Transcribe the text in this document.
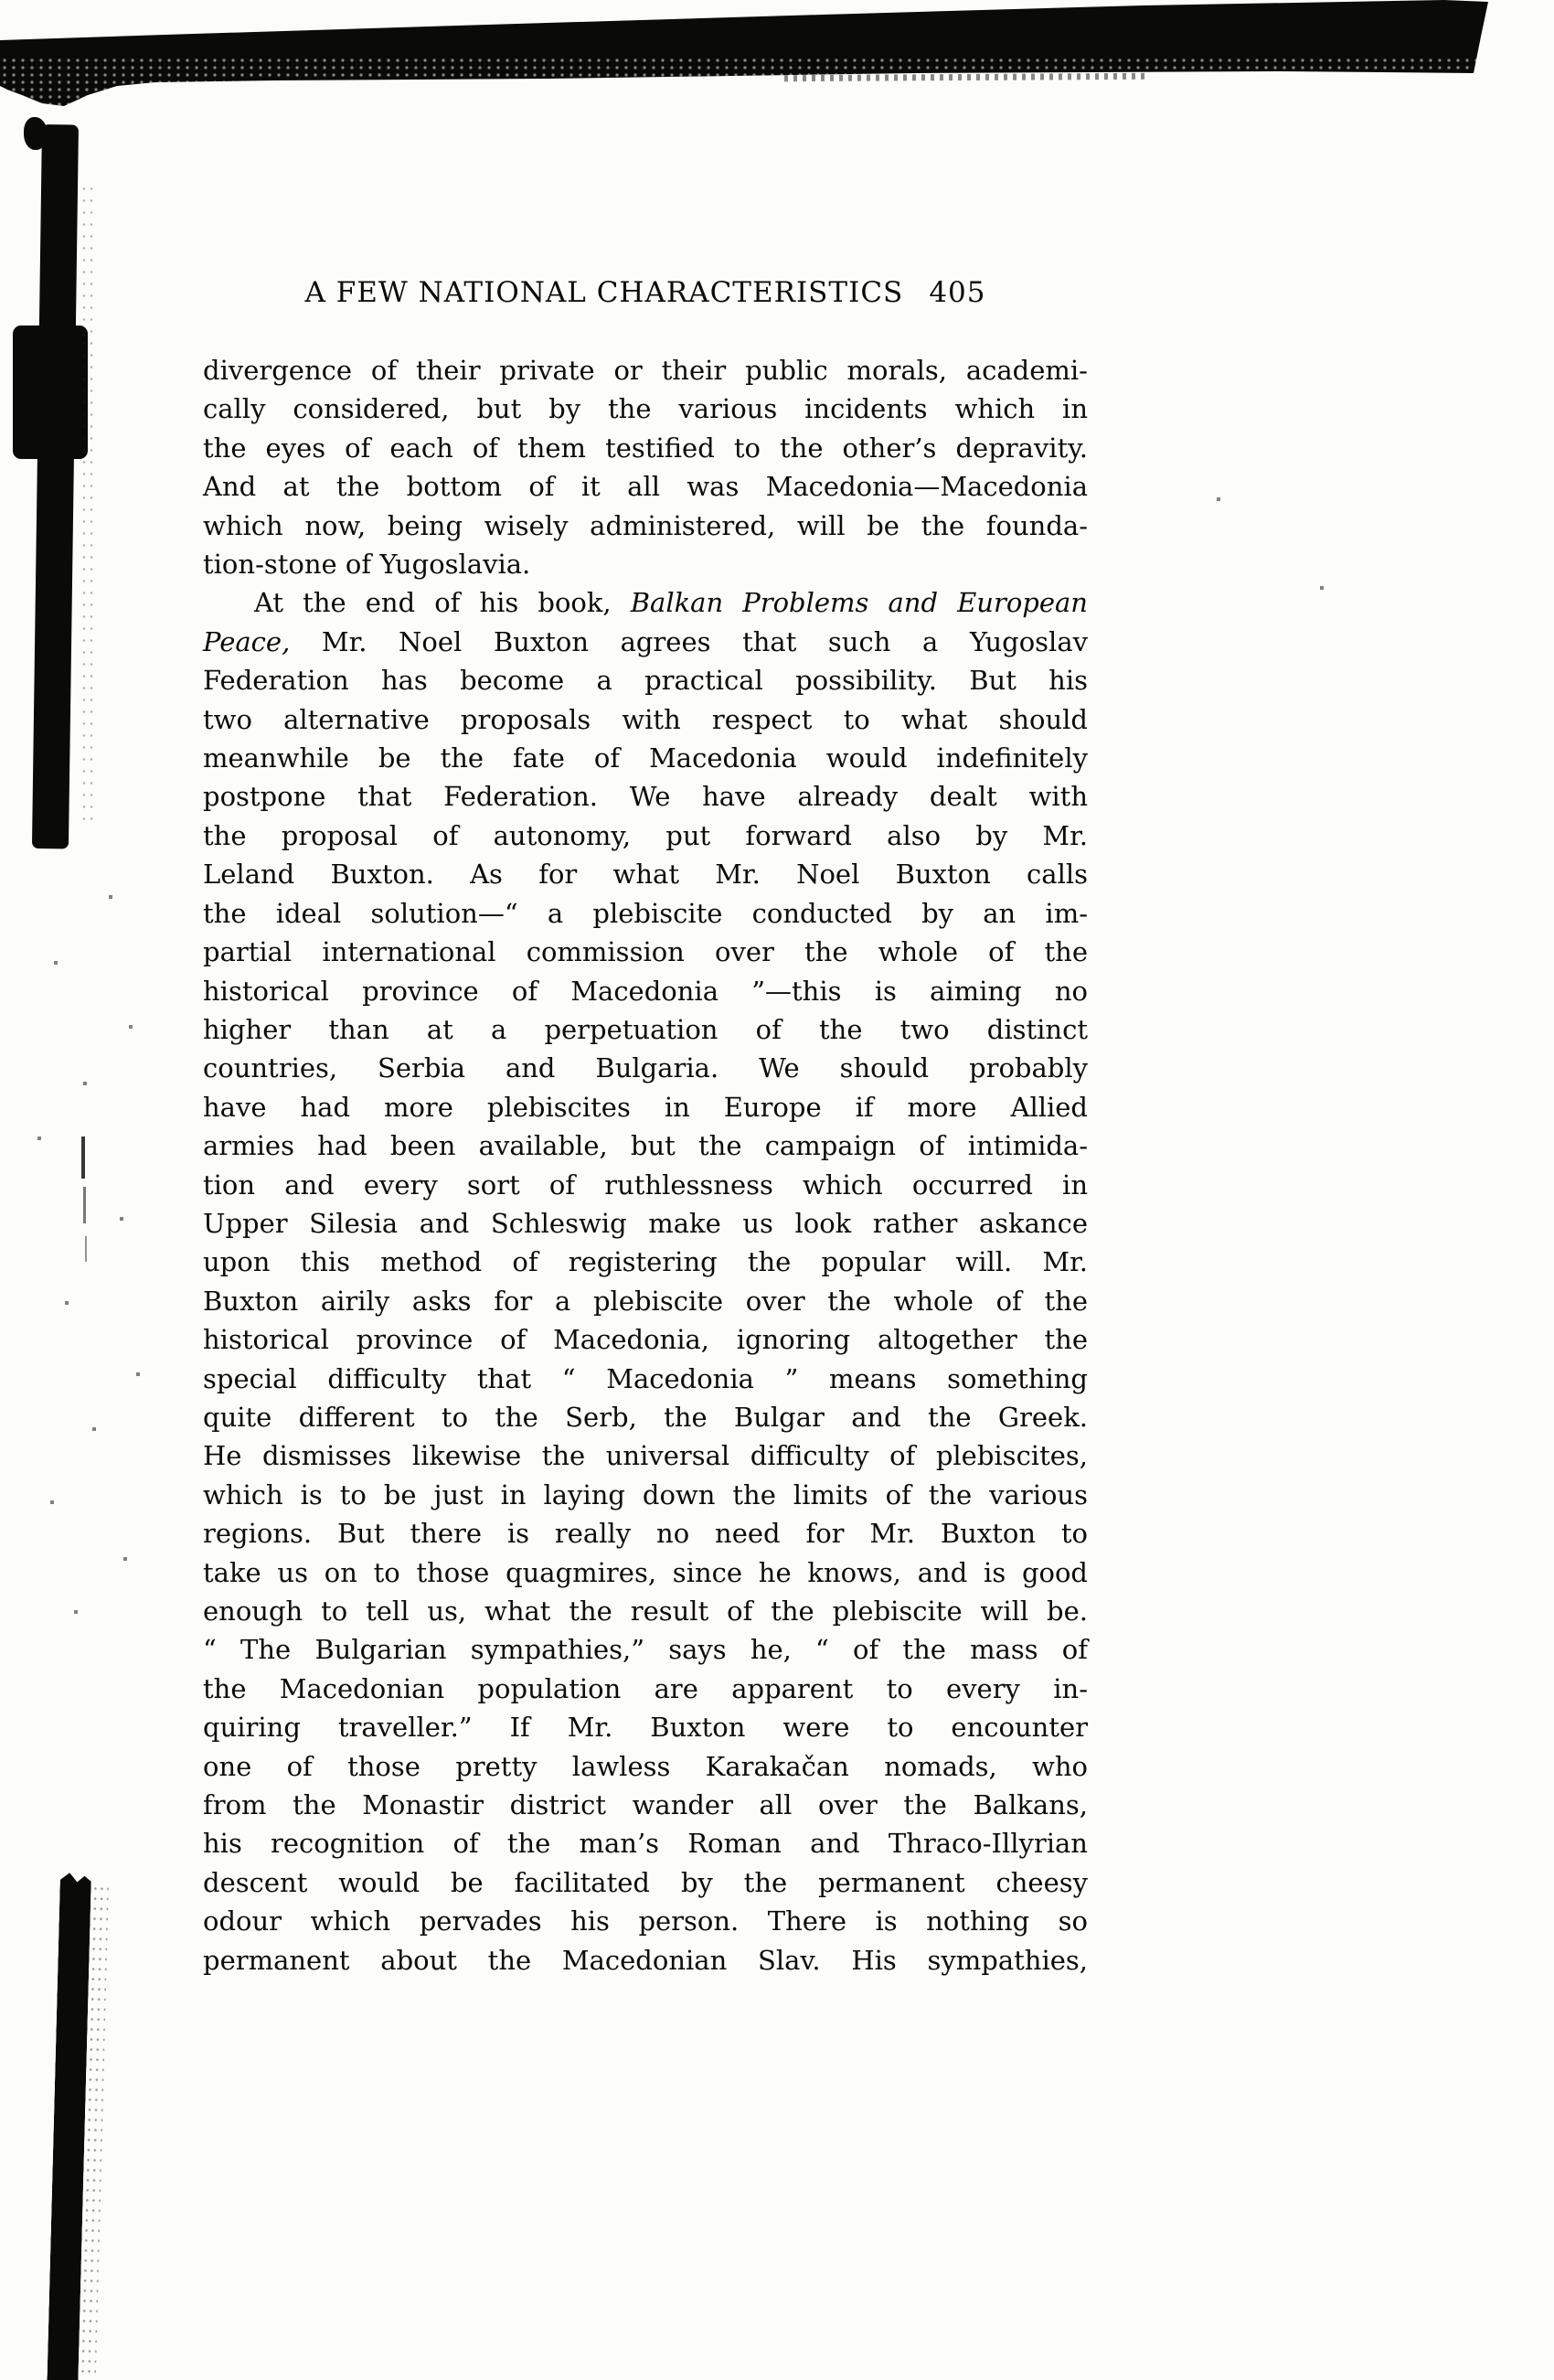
A FEW NATIONAL CHARACTERISTICS 405
divergence of their private or their public morals, academi-
cally considered, but by the various incidents which in
the eyes of each of them testified to the other’s depravity.
And at the bottom of it all was Macedonia—Macedonia
which now, being wisely administered, will be the founda-
tion-stone of Yugoslavia.
At the end of his book, Balkan Problems and European
Peace, Mr. Noel Buxton agrees that such a Yugoslav
Federation has become a practical possibility. But his
two alternative proposals with respect to what should
meanwhile be the fate of Macedonia would indefinitely
postpone that Federation. We have already dealt with
the proposal of autonomy, put forward also by Mr.
Leland Buxton. As for what Mr. Noel Buxton calls
the ideal solution—“ a plebiscite conducted by an im-
partial international commission over the whole of the
historical province of Macedonia ”—this is aiming no
higher than at a perpetuation of the two distinct
countries, Serbia and Bulgaria. We should probably
have had more plebiscites in Europe if more Allied
armies had been available, but the campaign of intimida-
tion and every sort of ruthlessness which occurred in
Upper Silesia and Schleswig make us look rather askance
upon this method of registering the popular will. Mr.
Buxton airily asks for a plebiscite over the whole of the
historical province of Macedonia, ignoring altogether the
special difficulty that “ Macedonia ” means something
quite different to the Serb, the Bulgar and the Greek.
He dismisses likewise the universal difficulty of plebiscites,
which is to be just in laying down the limits of the various
regions. But there is really no need for Mr. Buxton to
take us on to those quagmires, since he knows, and is good
enough to tell us, what the result of the plebiscite will be.
“ The Bulgarian sympathies,” says he, “ of the mass of
the Macedonian population are apparent to every in-
quiring traveller.” If Mr. Buxton were to encounter
one of those pretty lawless Karakačan nomads, who
from the Monastir district wander all over the Balkans,
his recognition of the man’s Roman and Thraco-Illyrian
descent would be facilitated by the permanent cheesy
odour which pervades his person. There is nothing so
permanent about the Macedonian Slav. His sympathies,
